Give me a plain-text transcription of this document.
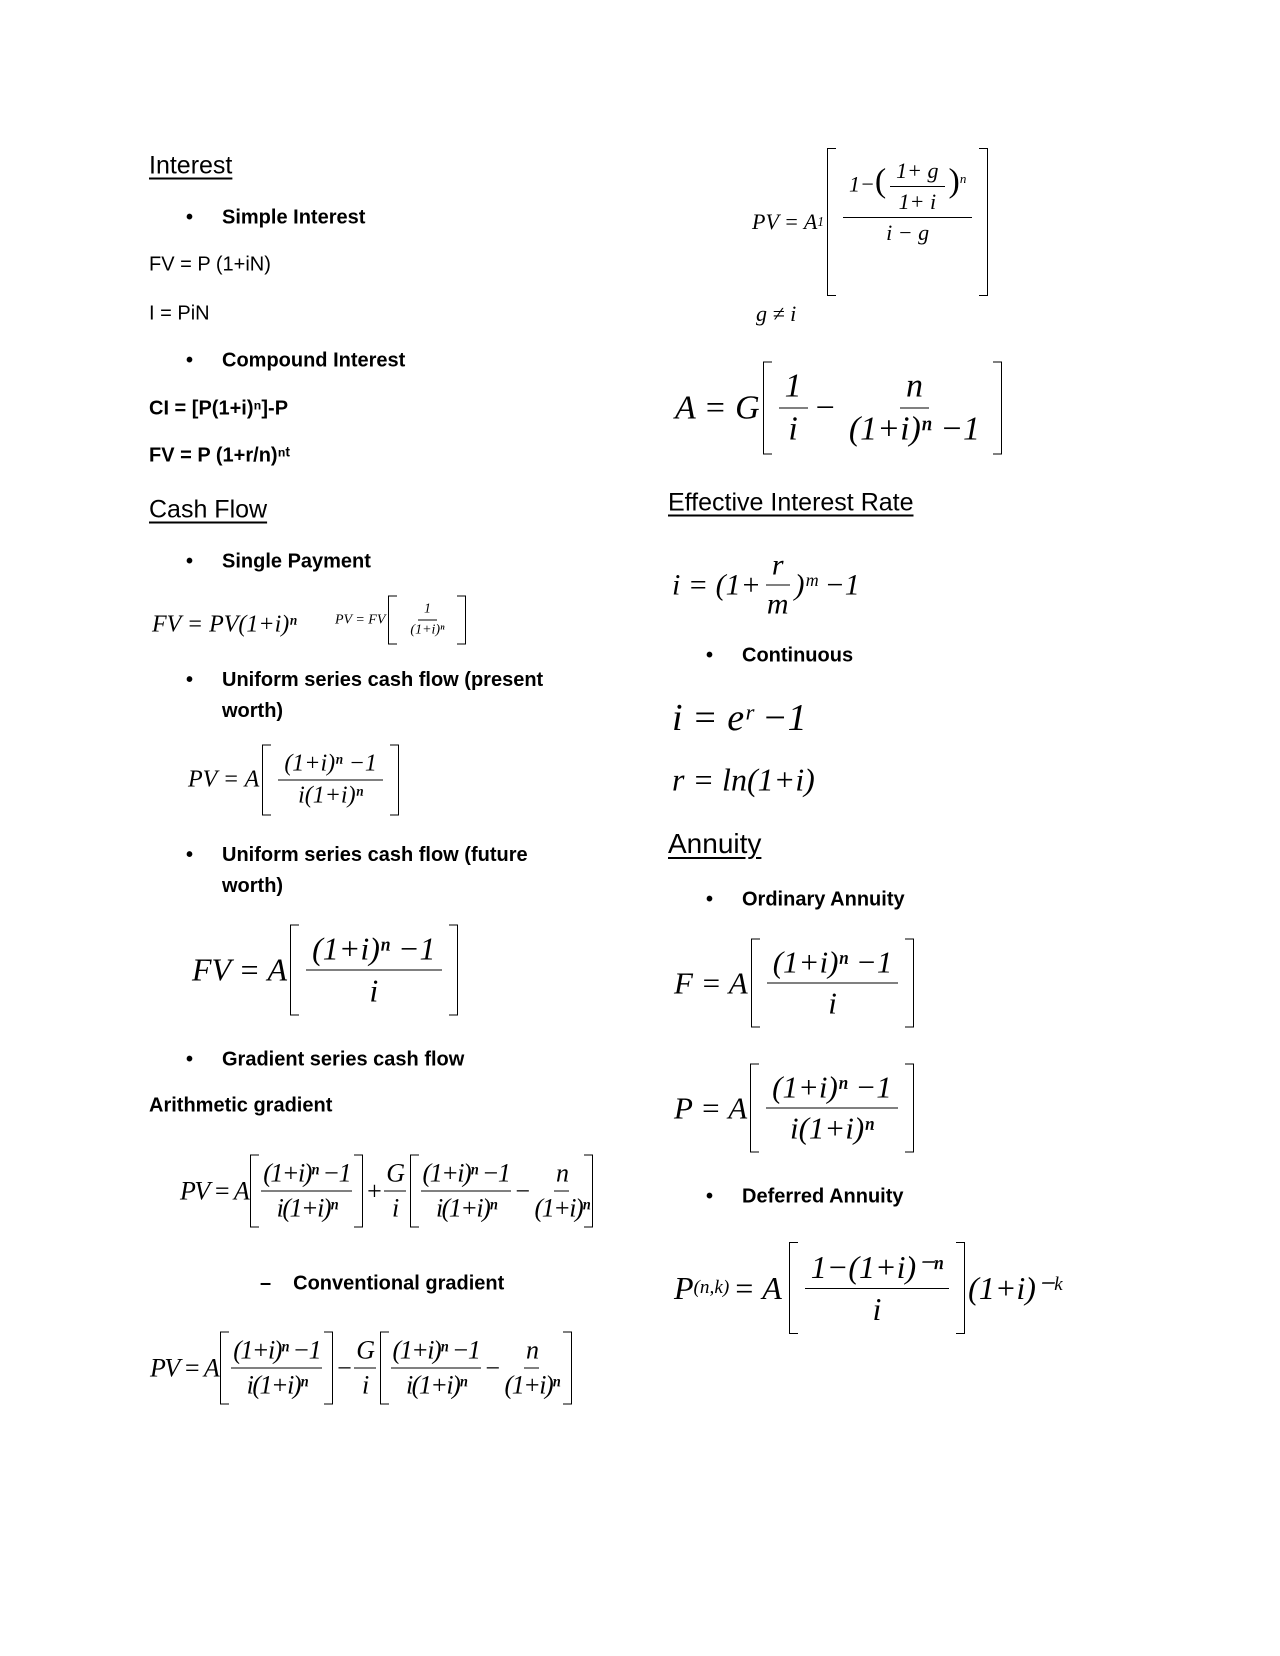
Interest
• Simple Interest
FV = P (1+iN)
I = PiN
• Compound Interest
CI = [P(1+i)ⁿ]-P
FV = P (1+r/n)ⁿᵗ
Cash Flow
• Single Payment
FV = PV(1+i)ⁿ	PV = FV $\frac{1}{\text{(1+i)ⁿ}}$
• Uniform series cash flow (present
worth)
PV = A $\frac{\text{(1+i)ⁿ −1}}{\text{i(1+i)ⁿ}}$
• Uniform series cash flow (future
worth)
FV = A $\frac{\text{(1+i)ⁿ −1}}{i}$
• Gradient series cash flow
Arithmetic gradient
PV = A $\frac{\text{(1+i)ⁿ −1}}{\text{i(1+i)ⁿ}} + \frac{G}{i} \frac{\text{(1+i)ⁿ −1}}{\text{i(1+i)ⁿ}} - \frac{n}{\text{(1+i)ⁿ}}$
– Conventional gradient
PV = A $\frac{\text{(1+i)ⁿ −1}}{\text{i(1+i)ⁿ}} - \frac{G}{i} \frac{\text{(1+i)ⁿ −1}}{\text{i(1+i)ⁿ}} - \frac{n}{\text{(1+i)ⁿ}}$
PV = A $1 \frac{1-( \frac{1+ g}{1+ i} )^n}{i - g}$
g ≠ i
A = G $\frac{1}{i} - \frac{n}{\text{(1+i)ⁿ −1}}$
Effective Interest Rate
$i = (1+ \frac{r}{m}$ )ᵐ −1
• Continuous
i = eʳ −1
r = ln(1+i)
Annuity
• Ordinary Annuity
F = A $\frac{\text{(1+i)ⁿ −1}}{i}$
P = A $\frac{\text{(1+i)ⁿ −1}}{\text{i(1+i)ⁿ}}$
• Deferred Annuity
P (n,k) = A $\frac{\text{1−(1+i)⁻ⁿ}}{i}$ (1+i)⁻ᵏ
